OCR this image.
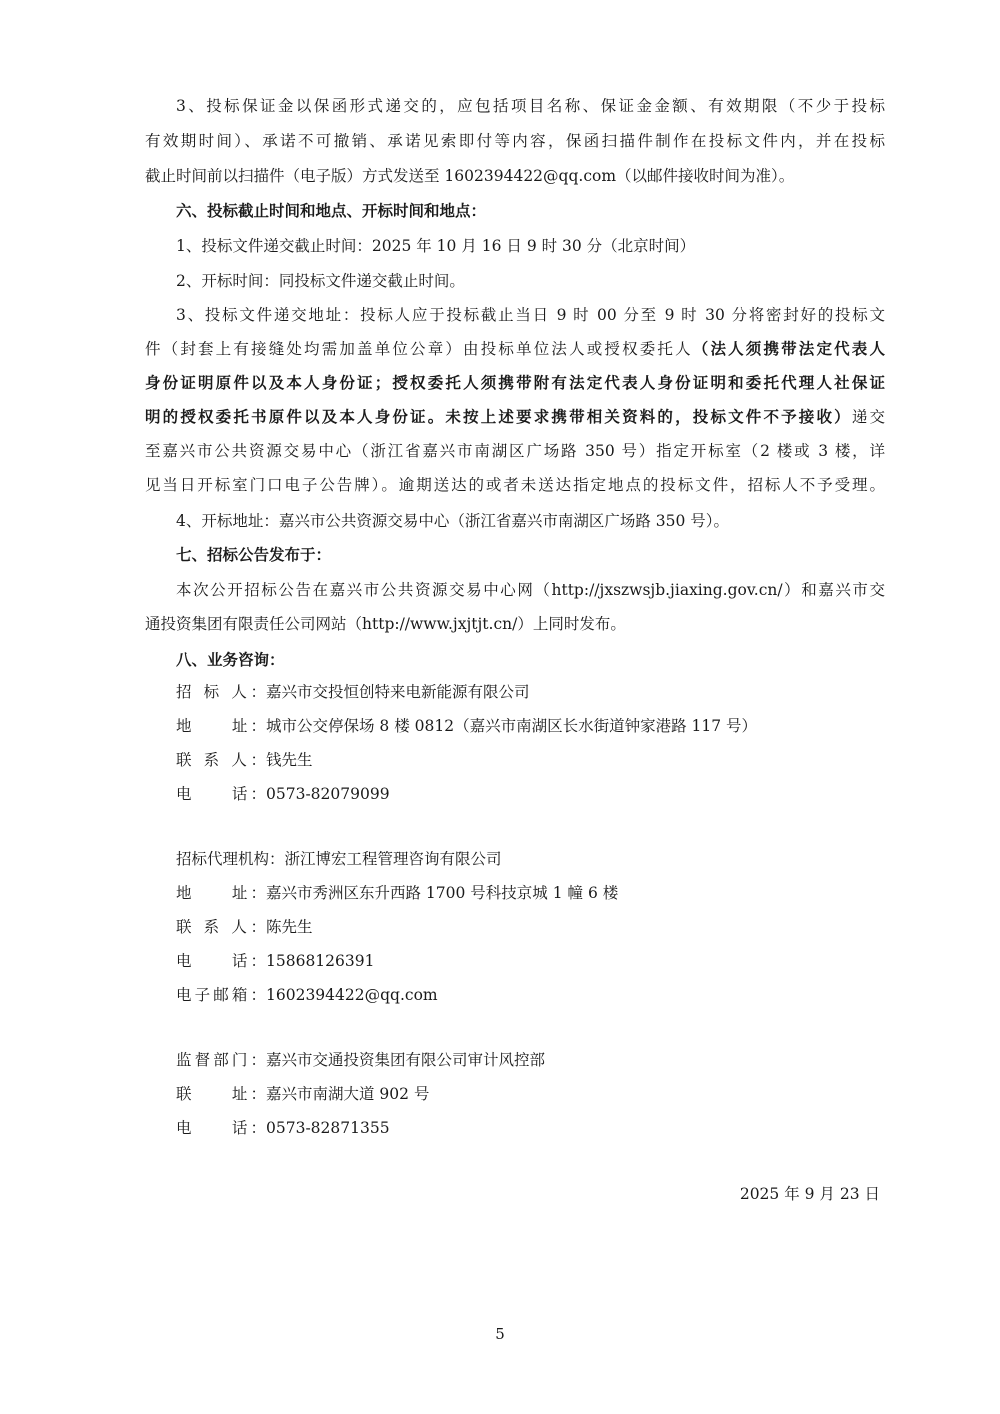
3、投标保证金以保函形式递交的，应包括项目名称、保证金金额、有效期限（不少于投标
有效期时间）、承诺不可撤销、承诺见索即付等内容，保函扫描件制作在投标文件内，并在投标
截止时间前以扫描件（电子版）方式发送至 1602394422@qq.com（以邮件接收时间为准）。
六、投标截止时间和地点、开标时间和地点：
1、投标文件递交截止时间：2025 年 10 月 16 日 9 时 30 分（北京时间）
2、开标时间：同投标文件递交截止时间。
3、投标文件递交地址：投标人应于投标截止当日 9 时 00 分至 9 时 30 分将密封好的投标文
件（封套上有接缝处均需加盖单位公章）由投标单位法人或授权委托人（法人须携带法定代表人
身份证明原件以及本人身份证；授权委托人须携带附有法定代表人身份证明和委托代理人社保证
明的授权委托书原件以及本人身份证。未按上述要求携带相关资料的，投标文件不予接收）递交
至嘉兴市公共资源交易中心（浙江省嘉兴市南湖区广场路 350 号）指定开标室（2 楼或 3 楼，详
见当日开标室门口电子公告牌）。逾期送达的或者未送达指定地点的投标文件，招标人不予受理。
4、开标地址：嘉兴市公共资源交易中心（浙江省嘉兴市南湖区广场路 350 号）。
七、招标公告发布于：
本次公开招标公告在嘉兴市公共资源交易中心网（http://jxszwsjb.jiaxing.gov.cn/）和嘉兴市交
通投资集团有限责任公司网站（http://www.jxjtjt.cn/）上同时发布。
八、业务咨询：
招 标 人：嘉兴市交投恒创特来电新能源有限公司
地　　址：城市公交停保场 8 楼 0812（嘉兴市南湖区长水街道钟家港路 117 号）
联 系 人：钱先生
电　　话：0573-82079099
招标代理机构：浙江博宏工程管理咨询有限公司
地　　址：嘉兴市秀洲区东升西路 1700 号科技京城 1 幢 6 楼
联 系 人：陈先生
电　　话：15868126391
电子邮箱：1602394422@qq.com
监督部门：嘉兴市交通投资集团有限公司审计风控部
联　　址：嘉兴市南湖大道 902 号
电　　话：0573-82871355
2025 年 9 月 23 日
5
